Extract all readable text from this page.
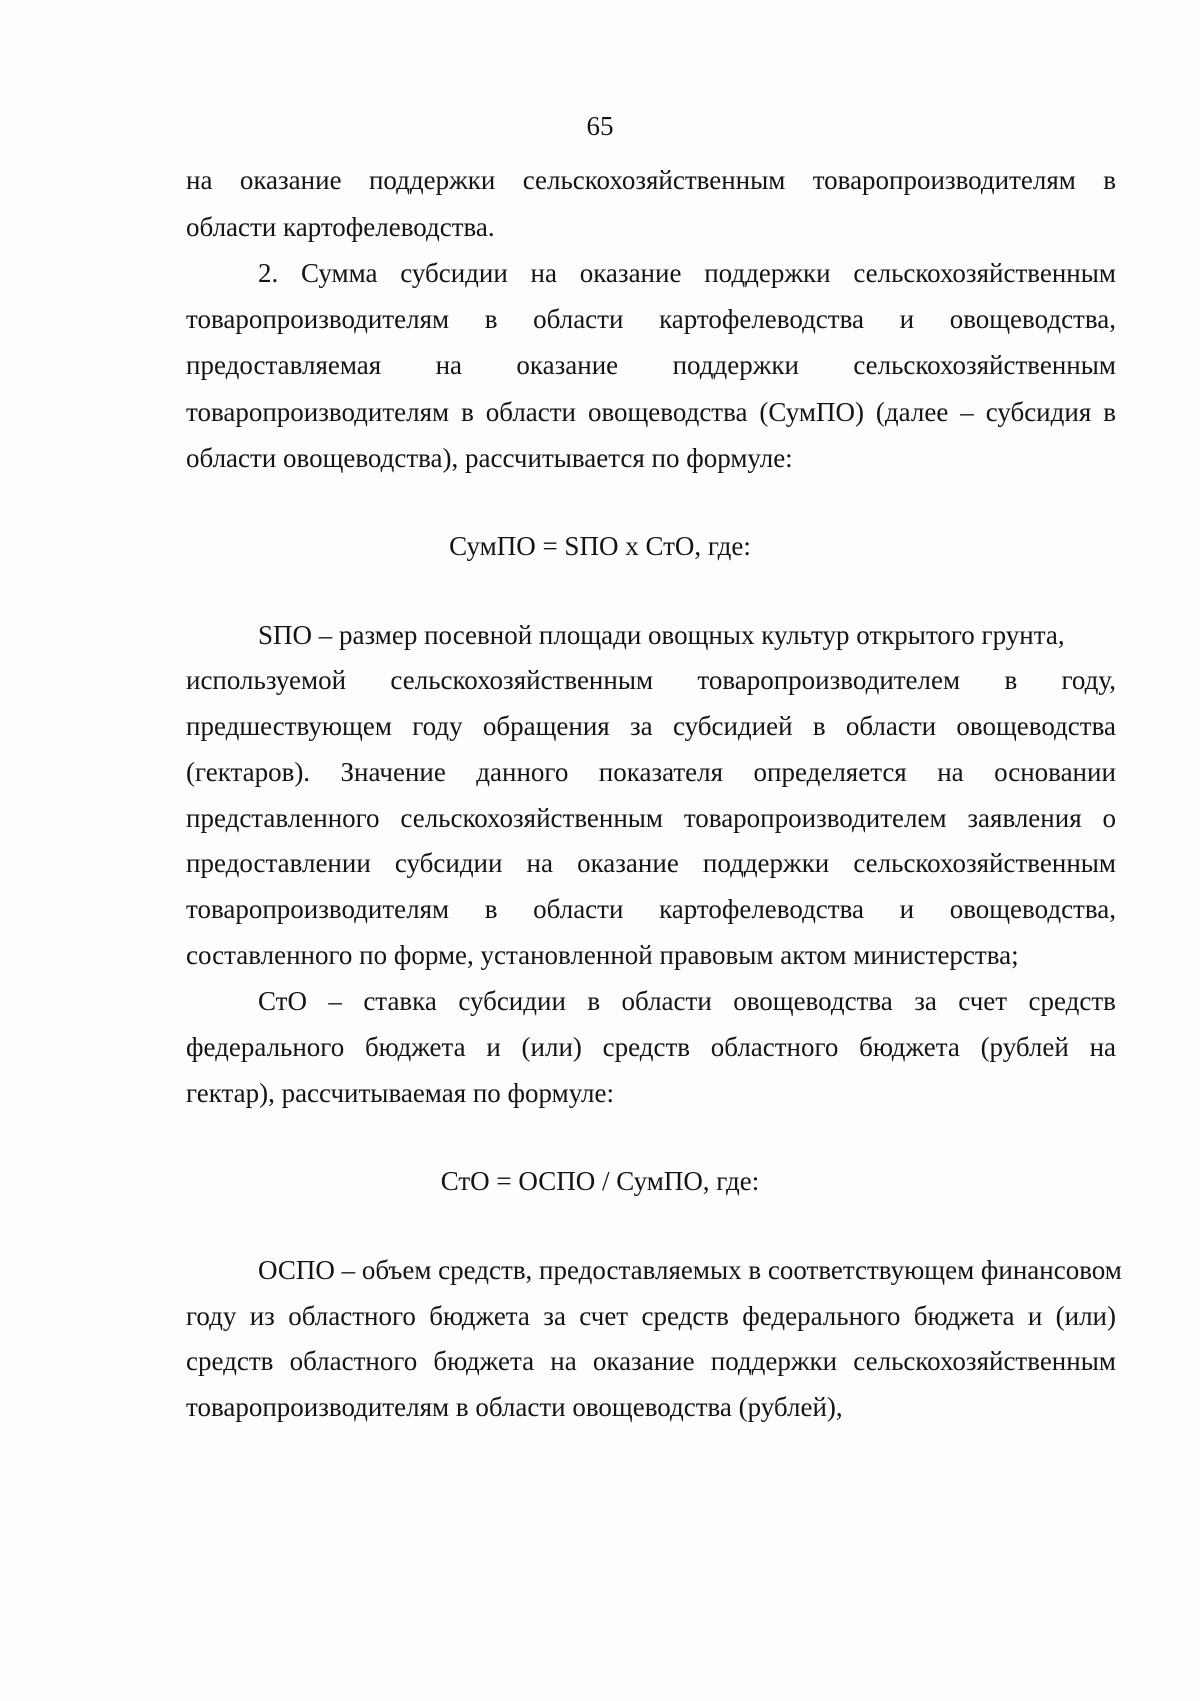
65
на оказание поддержки сельскохозяйственным товаропроизводителям в
области картофелеводства.
2. Сумма субсидии на оказание поддержки сельскохозяйственным
товаропроизводителям в области картофелеводства и овощеводства,
предоставляемая на оказание поддержки сельскохозяйственным
товаропроизводителям в области овощеводства (СумПО) (далее – субсидия в
области овощеводства), рассчитывается по формуле:
СумПО = SПО х СтО, где:
SПО – размер посевной площади овощных культур открытого грунта,
используемой сельскохозяйственным товаропроизводителем в году,
предшествующем году обращения за субсидией в области овощеводства
(гектаров). Значение данного показателя определяется на основании
представленного сельскохозяйственным товаропроизводителем заявления о
предоставлении субсидии на оказание поддержки сельскохозяйственным
товаропроизводителям в области картофелеводства и овощеводства,
составленного по форме, установленной правовым актом министерства;
СтО – ставка субсидии в области овощеводства за счет средств
федерального бюджета и (или) средств областного бюджета (рублей на
гектар), рассчитываемая по формуле:
СтО = ОСПО / СумПО, где:
ОСПО – объем средств, предоставляемых в соответствующем финансовом
году из областного бюджета за счет средств федерального бюджета и (или)
средств областного бюджета на оказание поддержки сельскохозяйственным
товаропроизводителям в области овощеводства (рублей),
